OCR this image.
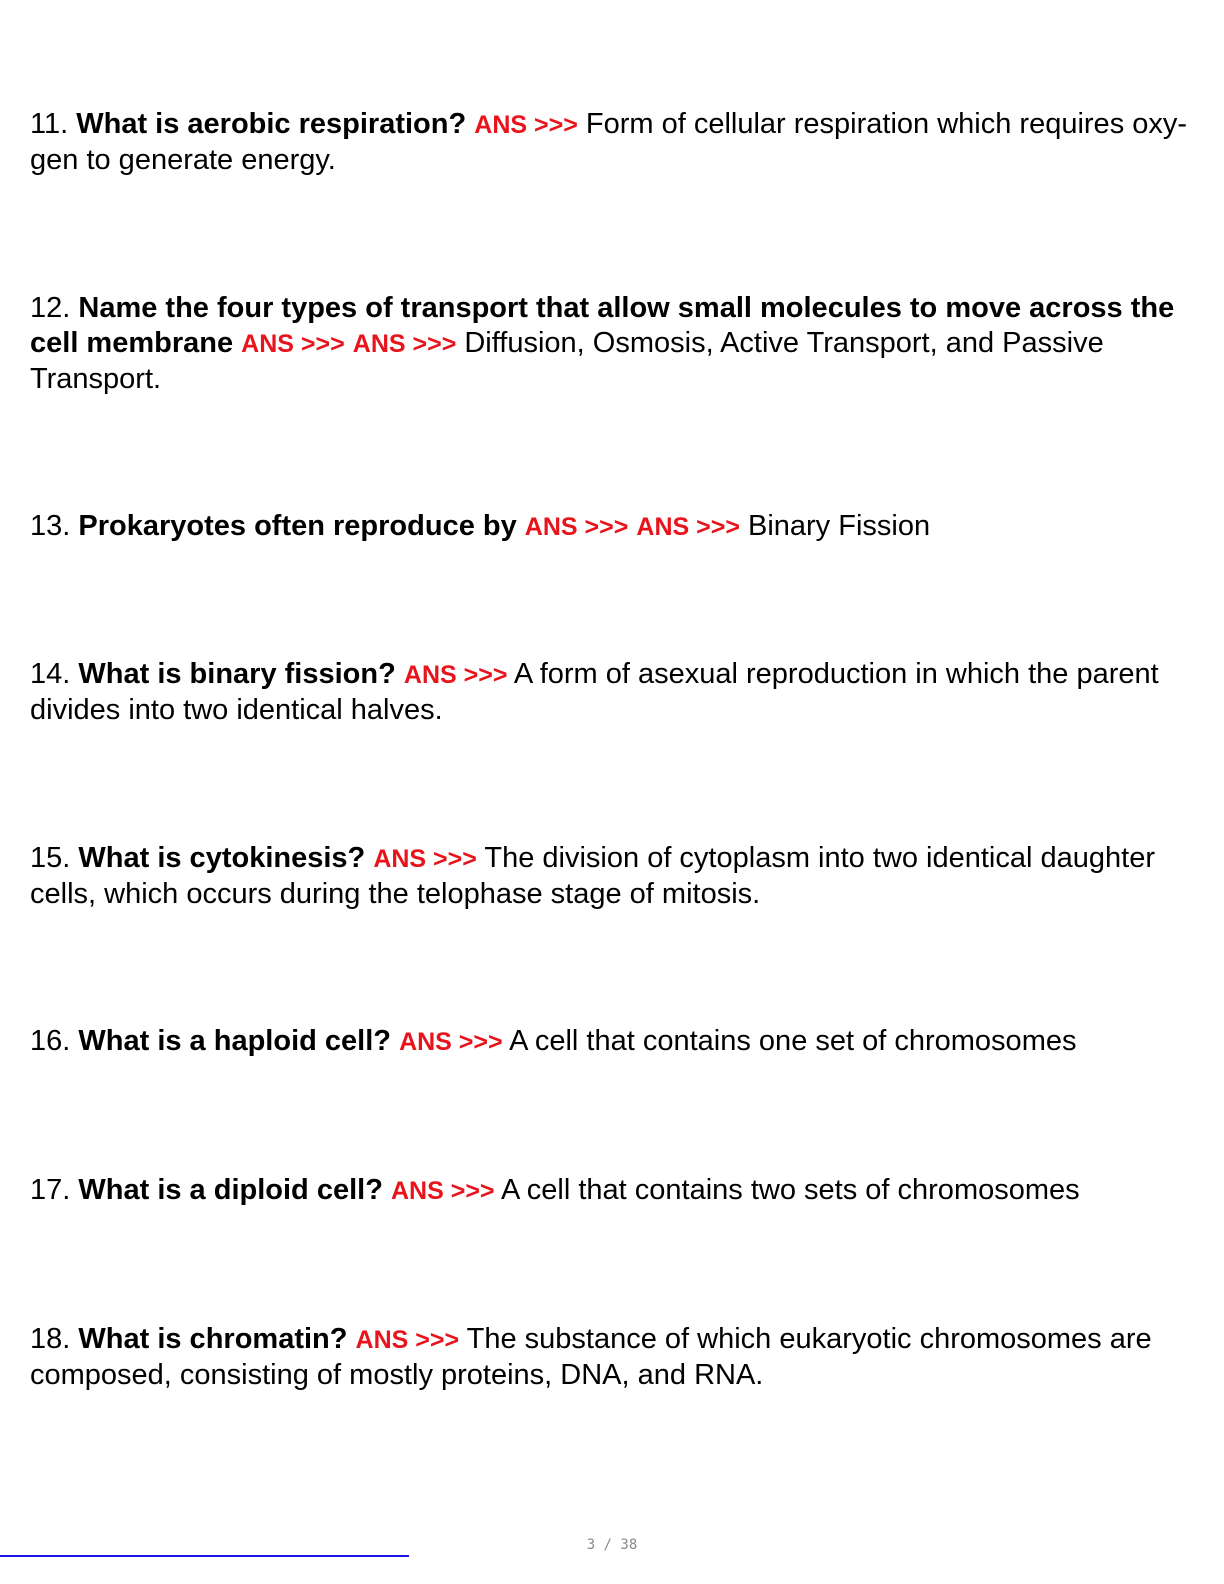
11. What is aerobic respiration? ANS >>> Form of cellular respiration which requires oxy- gen to generate energy.

12. Name the four types of transport that allow small molecules to move across the cell membrane ANS >>> ANS >>> Diffusion, Osmosis, Active Transport, and Passive Transport.

13. Prokaryotes often reproduce by ANS >>> ANS >>> Binary Fission

14. What is binary fission? ANS >>> A form of asexual reproduction in which the parent divides into two identical halves.

15. What is cytokinesis? ANS >>> The division of cytoplasm into two identical daughter cells, which occurs during the telophase stage of mitosis.

16. What is a haploid cell? ANS >>> A cell that contains one set of chromosomes

17. What is a diploid cell? ANS >>> A cell that contains two sets of chromosomes

18. What is chromatin? ANS >>> The substance of which eukaryotic chromosomes are composed, consisting of mostly proteins, DNA, and RNA.

3 / 38
